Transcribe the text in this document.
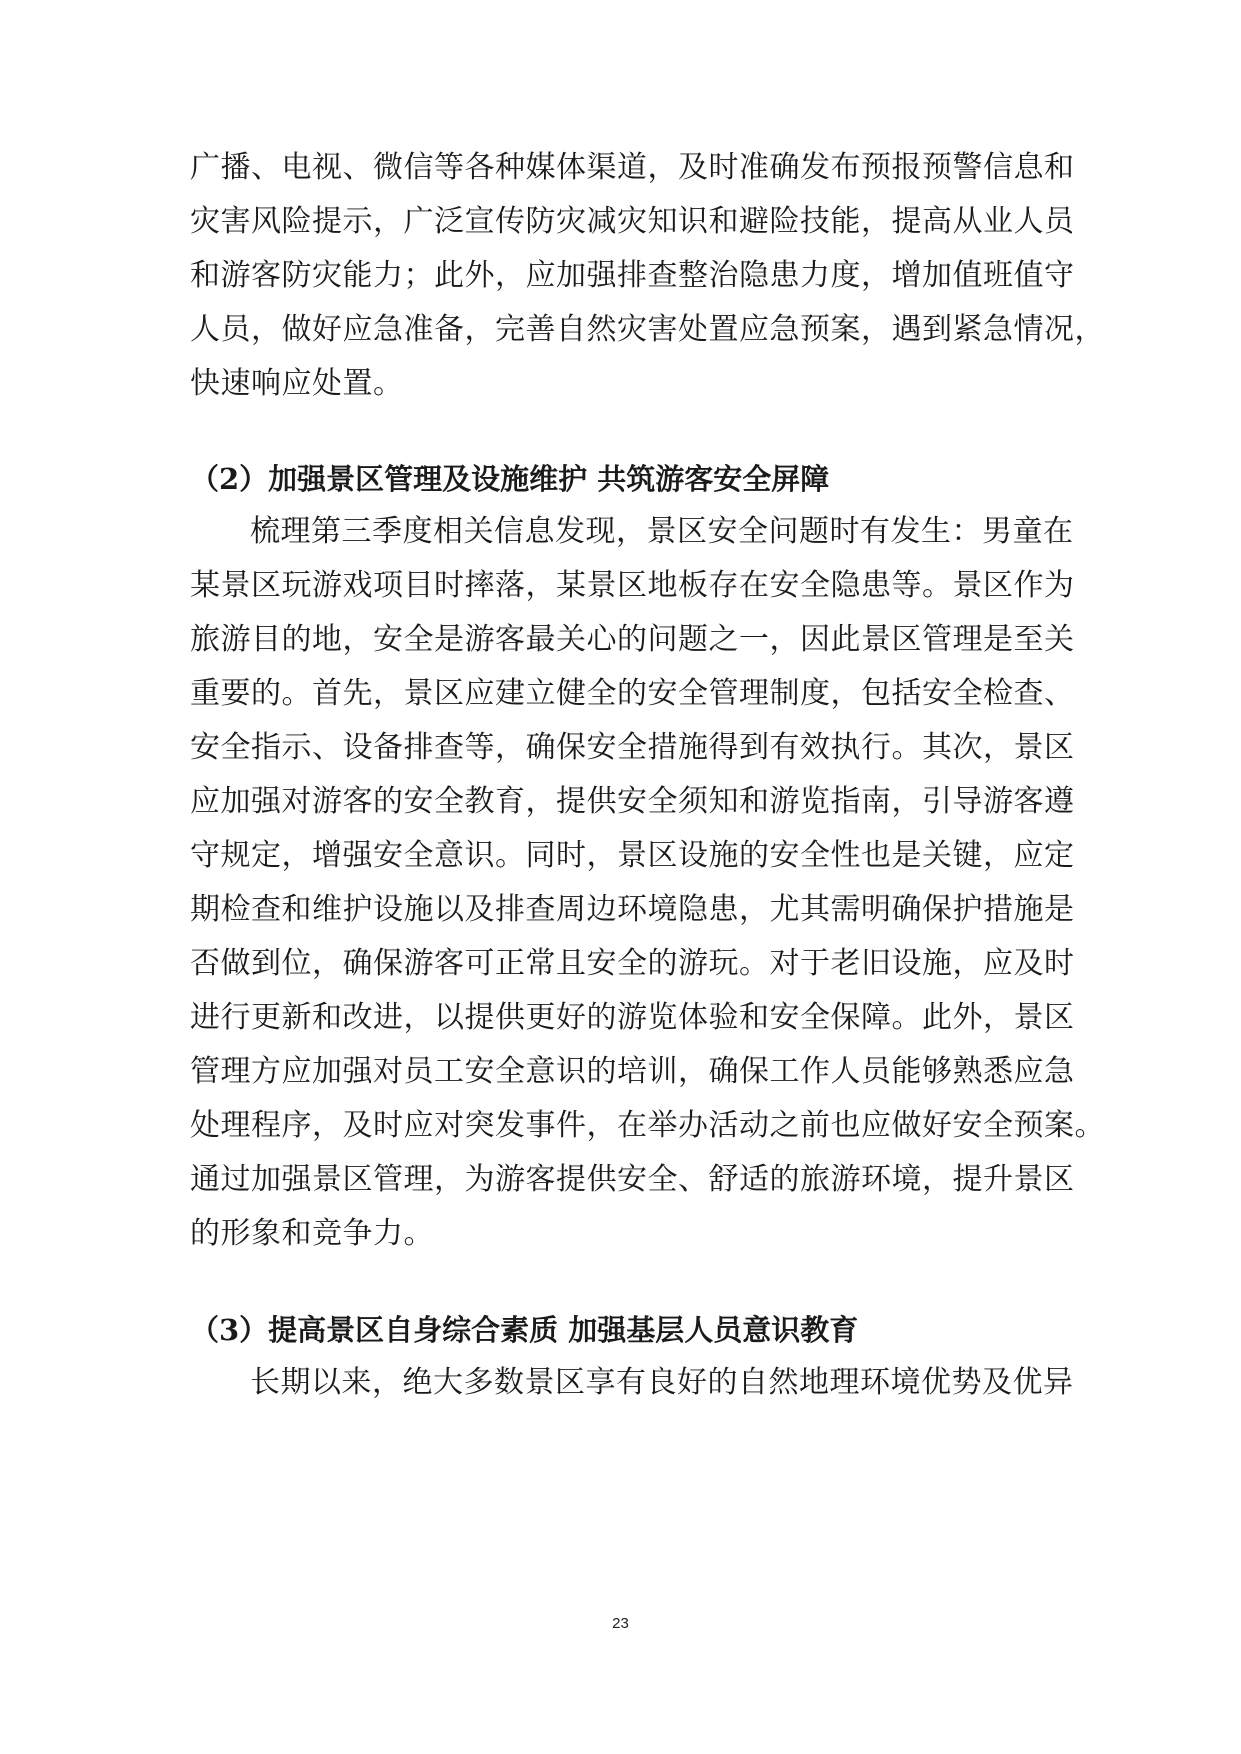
广播、电视、微信等各种媒体渠道，及时准确发布预报预警信息和
灾害风险提示，广泛宣传防灾减灾知识和避险技能，提高从业人员
和游客防灾能力；此外，应加强排查整治隐患力度，增加值班值守
人员，做好应急准备，完善自然灾害处置应急预案，遇到紧急情况，
快速响应处置。
（2）加强景区管理及设施维护 共筑游客安全屏障
梳理第三季度相关信息发现，景区安全问题时有发生：男童在
某景区玩游戏项目时摔落，某景区地板存在安全隐患等。景区作为
旅游目的地，安全是游客最关心的问题之一，因此景区管理是至关
重要的。首先，景区应建立健全的安全管理制度，包括安全检查、
安全指示、设备排查等，确保安全措施得到有效执行。其次，景区
应加强对游客的安全教育，提供安全须知和游览指南，引导游客遵
守规定，增强安全意识。同时，景区设施的安全性也是关键，应定
期检查和维护设施以及排查周边环境隐患，尤其需明确保护措施是
否做到位，确保游客可正常且安全的游玩。对于老旧设施，应及时
进行更新和改进，以提供更好的游览体验和安全保障。此外，景区
管理方应加强对员工安全意识的培训，确保工作人员能够熟悉应急
处理程序，及时应对突发事件，在举办活动之前也应做好安全预案。
通过加强景区管理，为游客提供安全、舒适的旅游环境，提升景区
的形象和竞争力。
（3）提高景区自身综合素质 加强基层人员意识教育
长期以来，绝大多数景区享有良好的自然地理环境优势及优异
23
